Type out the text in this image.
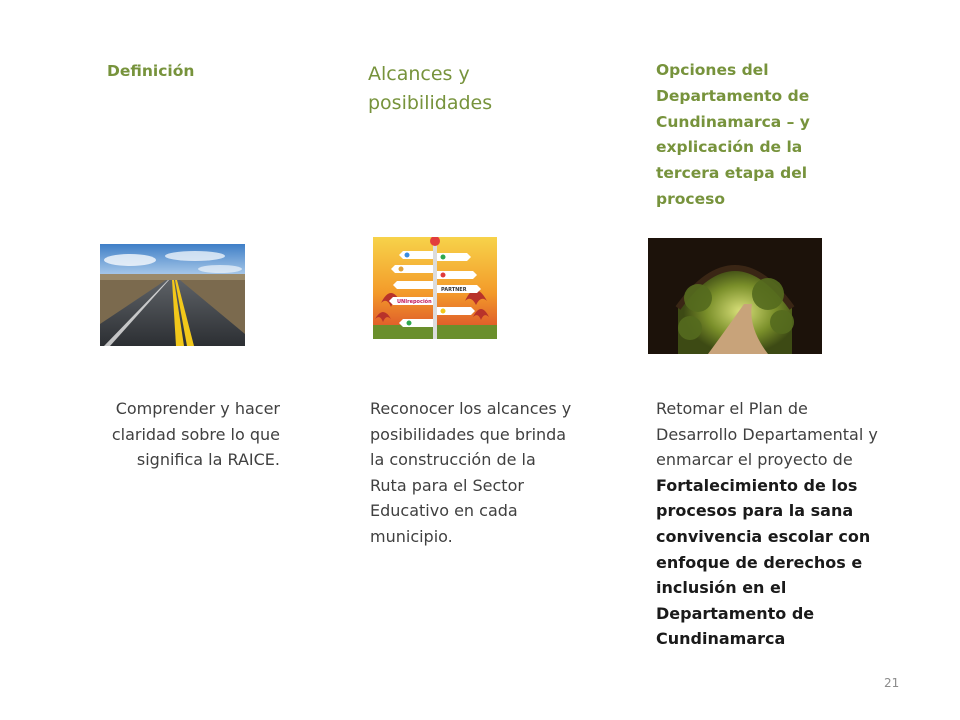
Definición	Alcances y posibilidades
Opciones del Departamento de Cundinamarca – y explicación de la tercera etapa del proceso
PARTNER
UNIrepoción
Comprender y hacer claridad sobre lo que significa la RAICE.
Reconocer los alcances y posibilidades que brinda la construcción de la Ruta para el Sector Educativo en cada municipio.
Retomar el Plan de Desarrollo Departamental y enmarcar el proyecto de Fortalecimiento de los procesos para la sana convivencia escolar con enfoque de derechos e inclusión en el Departamento de Cundinamarca
21
